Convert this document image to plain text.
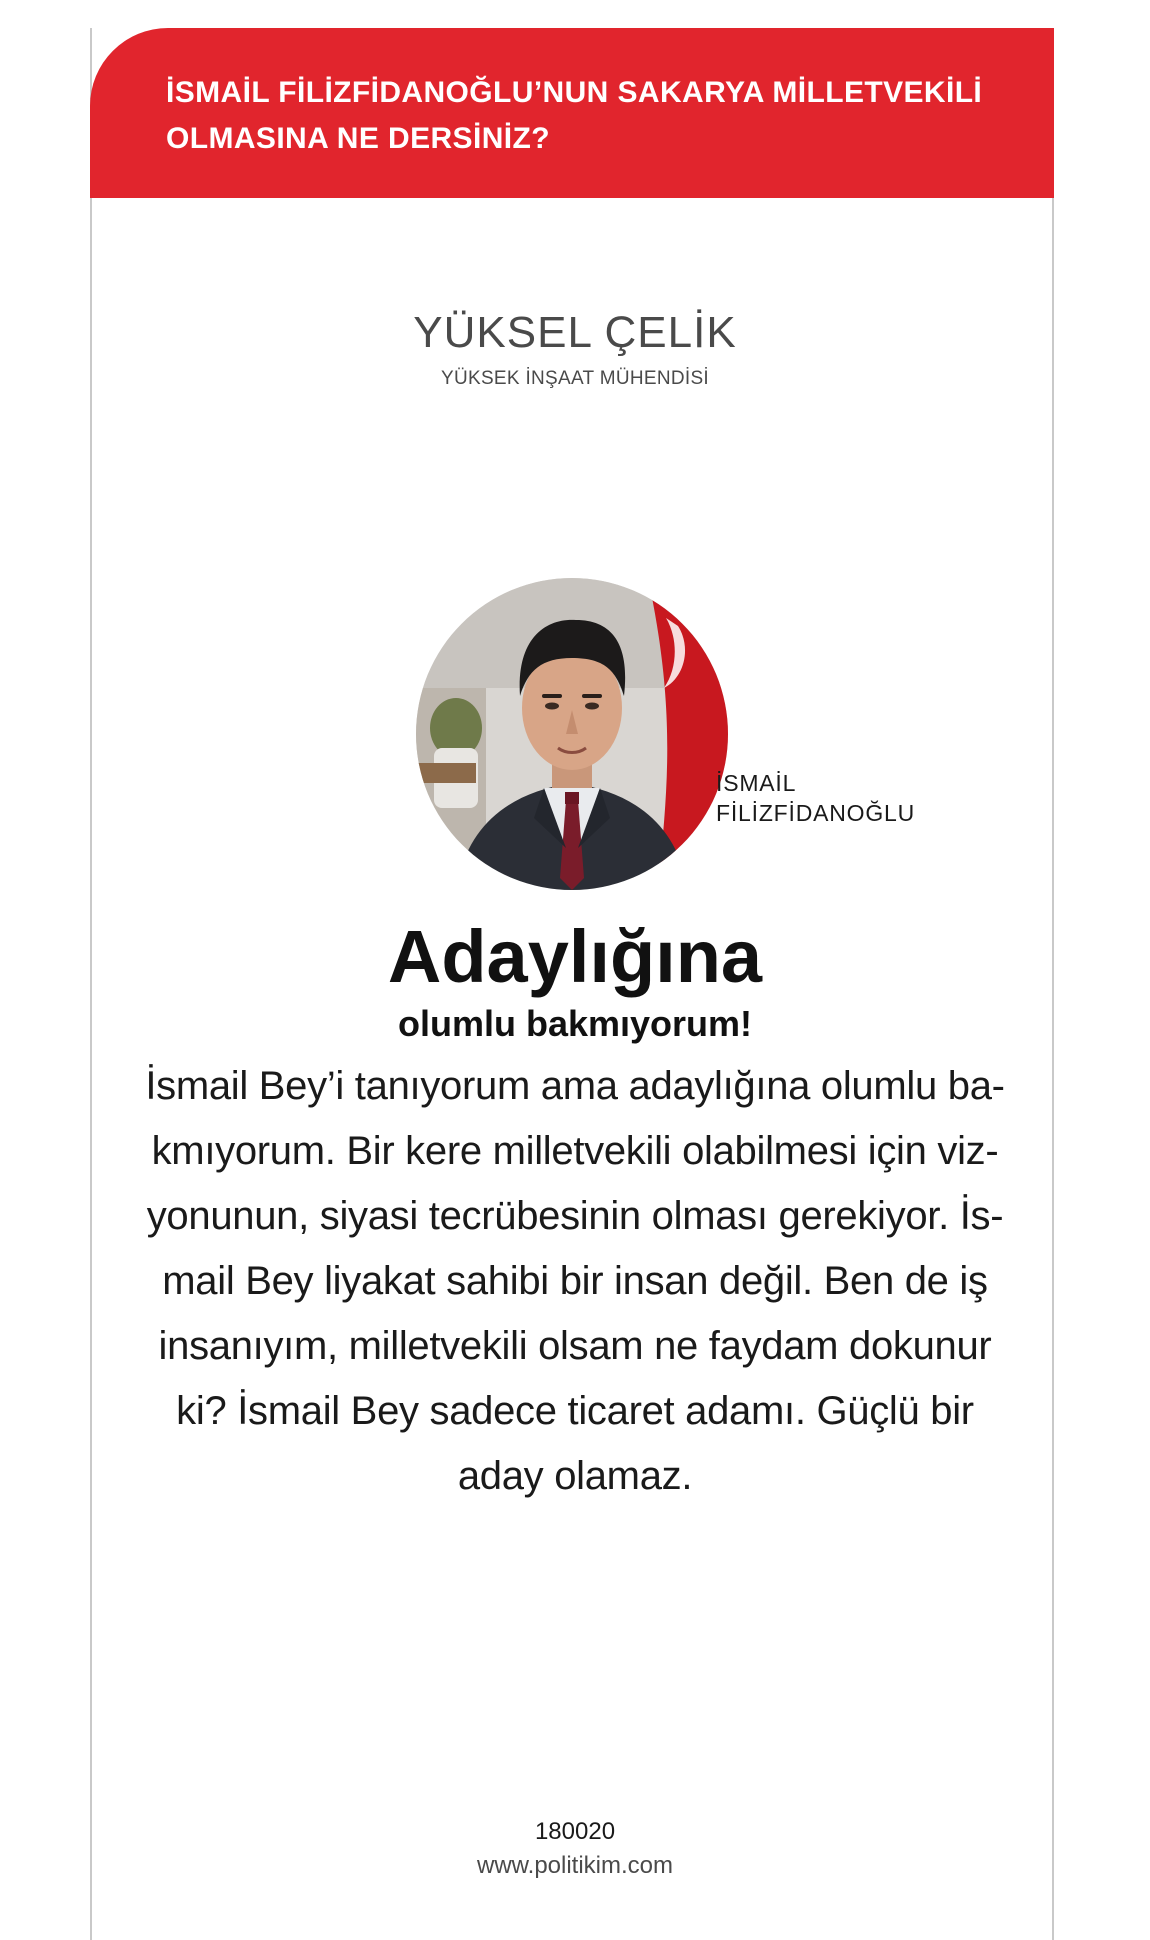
İSMAİL FİLİZFİDANOĞLU’NUN SAKARYA MİLLETVEKİLİ

OLMASINA NE DERSİNİZ?

YÜKSEL ÇELİK
YÜKSEK İNŞAAT MÜHENDİSİ
İSMAİL
FİLİZFİDANOĞLU
Adaylığına
olumlu bakmıyorum!
İsmail Bey’i tanıyorum ama adaylığına olumlu ba-
kmıyorum. Bir kere milletvekili olabilmesi için viz-
yonunun, siyasi tecrübesinin olması gerekiyor. İs-
mail Bey liyakat sahibi bir insan değil. Ben de iş
insanıyım, milletvekili olsam ne faydam dokunur
ki? İsmail Bey sadece ticaret adamı. Güçlü bir
aday olamaz.
180020
www.politikim.com
